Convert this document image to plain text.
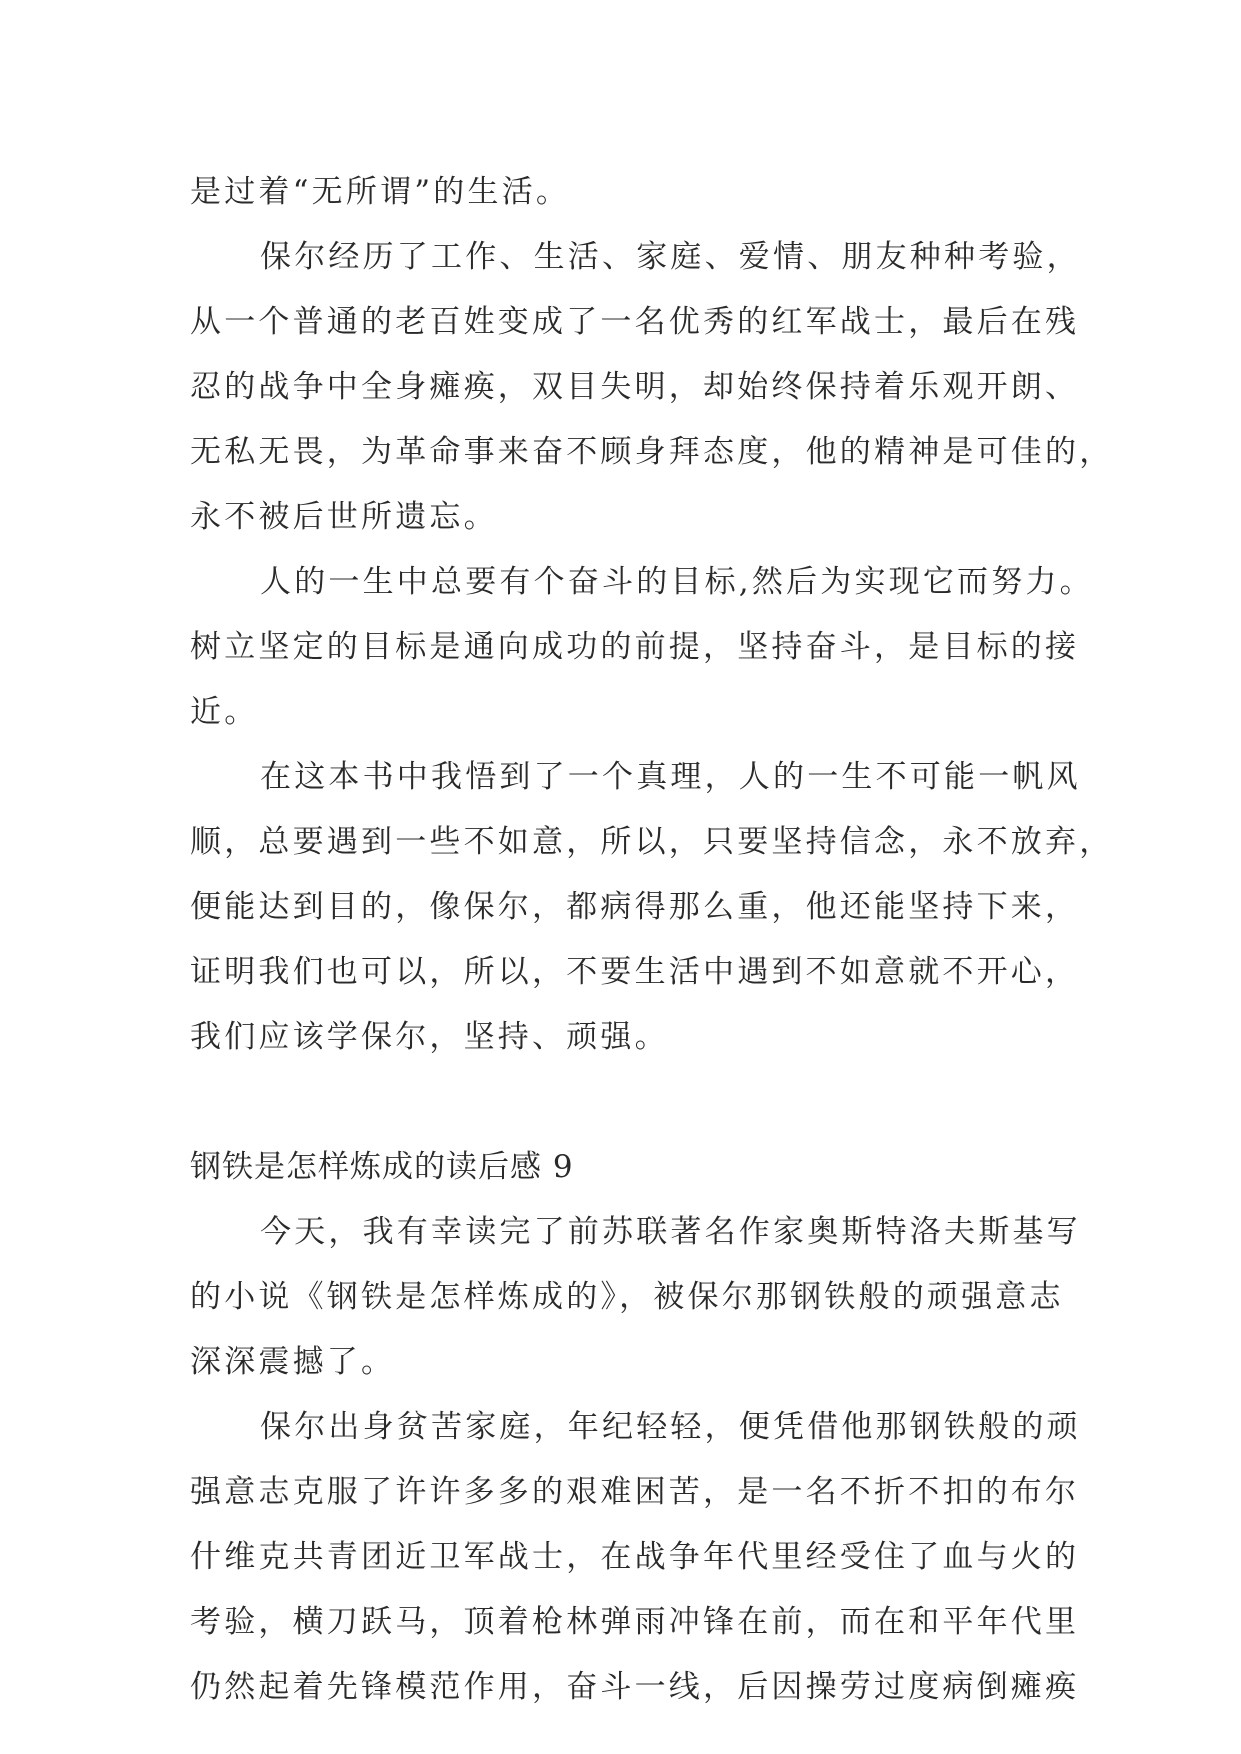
是过着“无所谓”的生活。
保尔经历了工作、生活、家庭、爱情、朋友种种考验，
从一个普通的老百姓变成了一名优秀的红军战士，最后在残
忍的战争中全身瘫痪，双目失明，却始终保持着乐观开朗、
无私无畏，为革命事来奋不顾身拜态度，他的精神是可佳的，
永不被后世所遗忘。
人的一生中总要有个奋斗的目标,然后为实现它而努力。
树立坚定的目标是通向成功的前提，坚持奋斗，是目标的接
近。
在这本书中我悟到了一个真理，人的一生不可能一帆风
顺，总要遇到一些不如意，所以，只要坚持信念，永不放弃，
便能达到目的，像保尔，都病得那么重，他还能坚持下来，
证明我们也可以，所以，不要生活中遇到不如意就不开心，
我们应该学保尔，坚持、顽强。
钢铁是怎样炼成的读后感 9
今天，我有幸读完了前苏联著名作家奥斯特洛夫斯基写
的小说《钢铁是怎样炼成的》，被保尔那钢铁般的顽强意志
深深震撼了。
保尔出身贫苦家庭，年纪轻轻，便凭借他那钢铁般的顽
强意志克服了许许多多的艰难困苦，是一名不折不扣的布尔
什维克共青团近卫军战士，在战争年代里经受住了血与火的
考验，横刀跃马，顶着枪林弹雨冲锋在前，而在和平年代里
仍然起着先锋模范作用，奋斗一线，后因操劳过度病倒瘫痪
